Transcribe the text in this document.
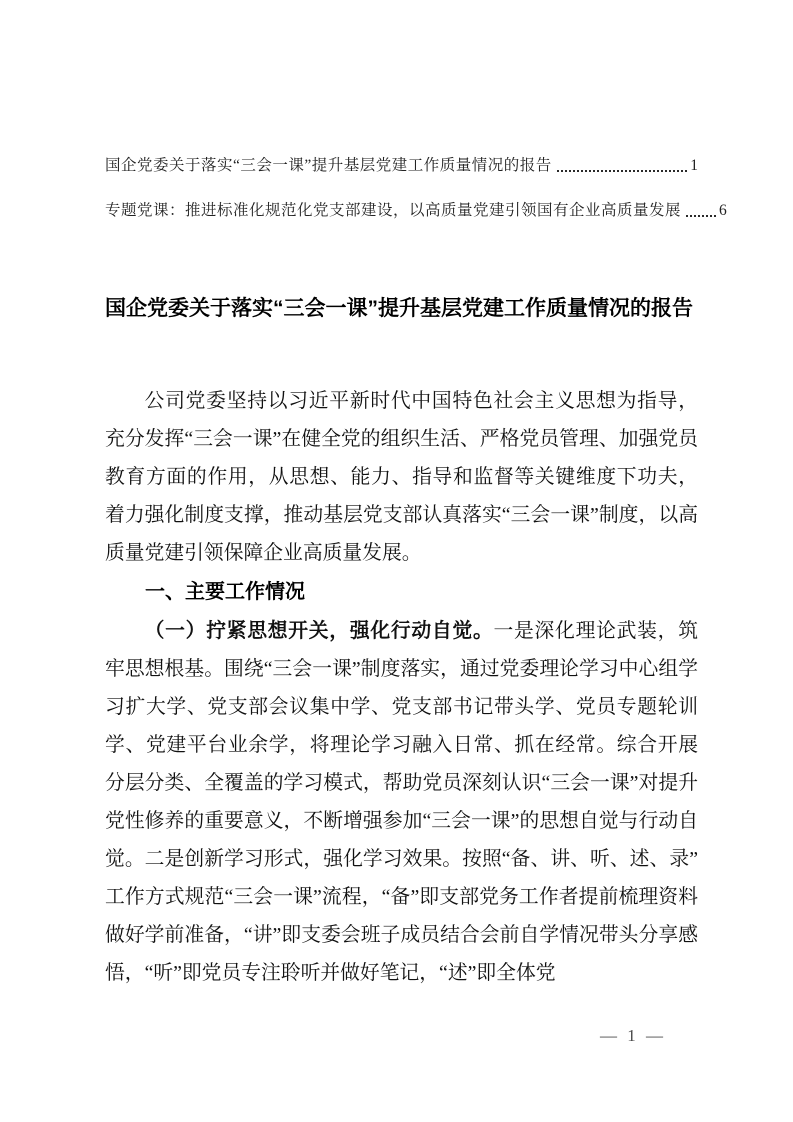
国企党委关于落实“三会一课”提升基层党建工作质量情况的报告	1
专题党课：推进标准化规范化党支部建设，以高质量党建引领国有企业高质量发展 6
国企党委关于落实“三会一课”提升基层党建工作质量情况的报告

公司党委坚持以习近平新时代中国特色社会主义思想为指导，充分发挥“三会一课”在健全党的组织生活、严格党员管理、加强党员教育方面的作用，从思想、能力、指导和监督等关键维度下功夫，着力强化制度支撑，推动基层党支部认真落实“三会一课”制度，以高质量党建引领保障企业高质量发展。

一、主要工作情况

（一）拧紧思想开关，强化行动自觉。一是深化理论武装，筑牢思想根基。围绕“三会一课”制度落实，通过党委理论学习中心组学习扩大学、党支部会议集中学、党支部书记带头学、党员专题轮训学、党建平台业余学，将理论学习融入日常、抓在经常。综合开展分层分类、全覆盖的学习模式，帮助党员深刻认识“三会一课”对提升党性修养的重要意义，不断增强参加“三会一课”的思想自觉与行动自觉。二是创新学习形式，强化学习效果。按照“备、讲、听、述、录”工作方式规范“三会一课”流程，“备”即支部党务工作者提前梳理资料做好学前准备，“讲”即支委会班子成员结合会前自学情况带头分享感悟，“听”即党员专注聆听并做好笔记，“述”即全体党

— 1 —
